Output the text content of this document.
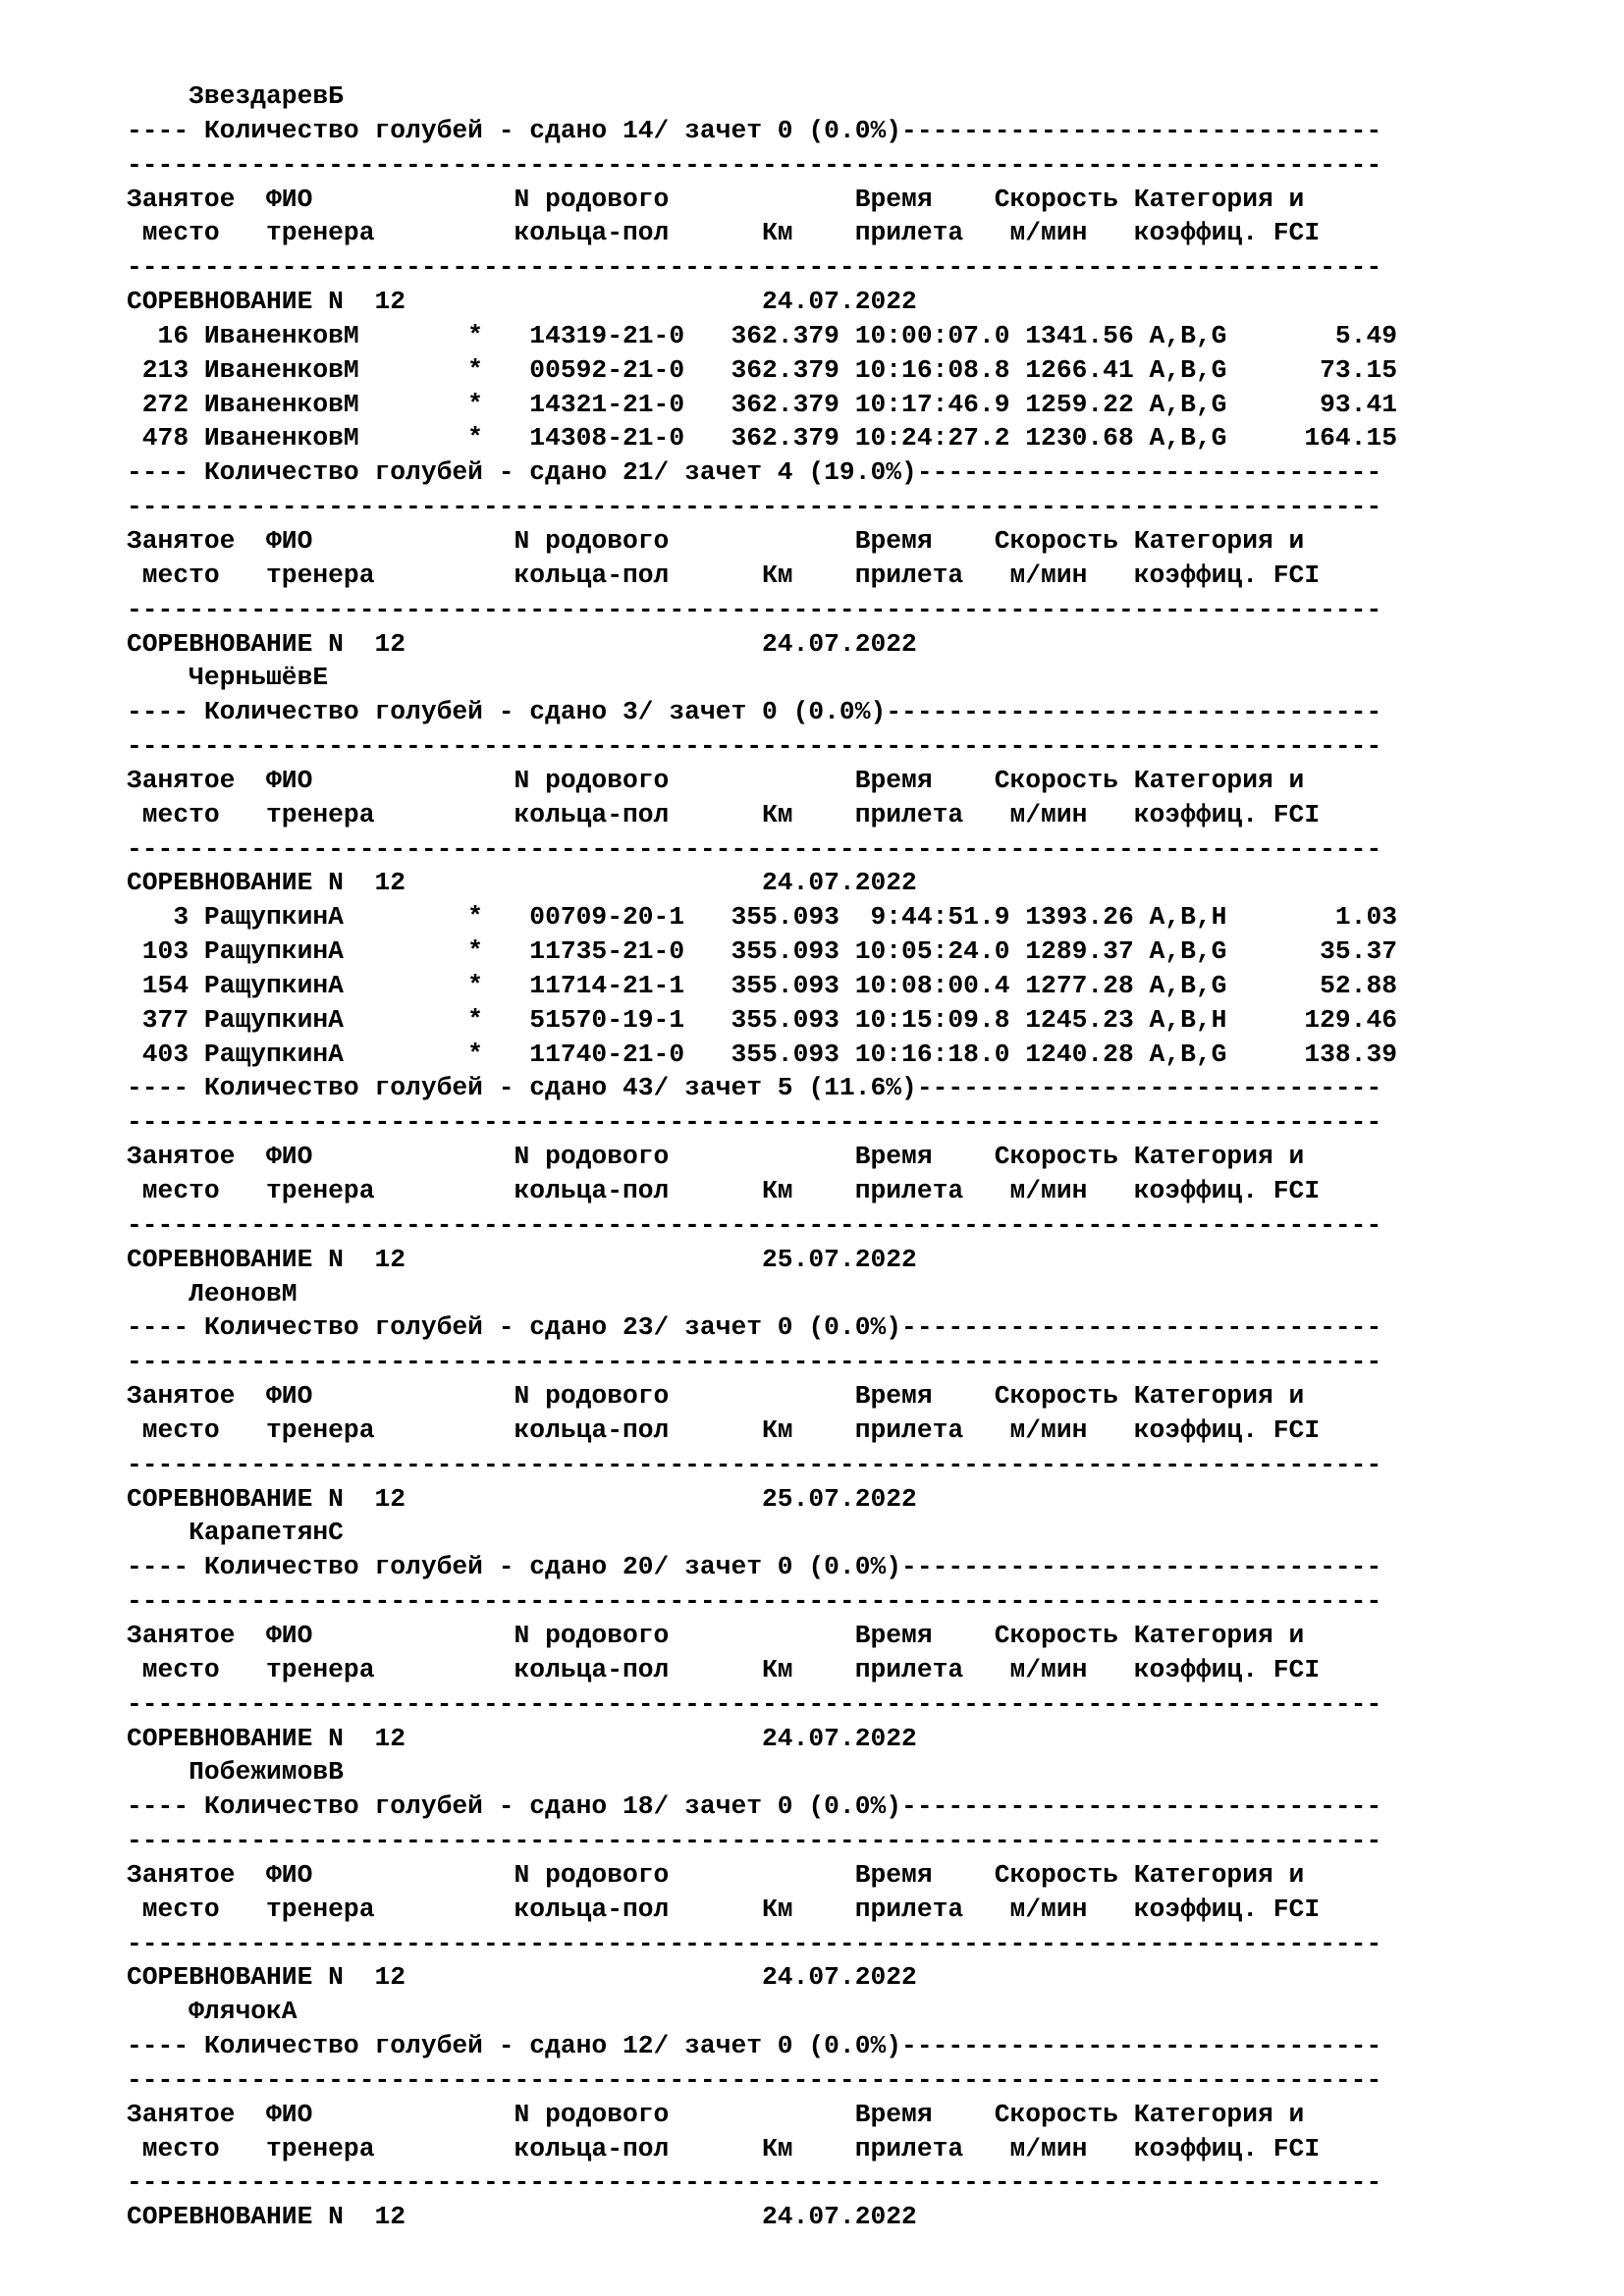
ЗвездаревБ
---- Количество голубей - сдано 14/ зачет 0 (0.0%)-------------------------------
---------------------------------------------------------------------------------
Занятое  ФИО             N родового            Время    Скорость Категория и
место   тренера         кольца-пол      Км    прилета   м/мин   коэффиц. FCI
---------------------------------------------------------------------------------
СОРЕВНОВАНИЕ N  12                       24.07.2022
16 ИваненковМ       *   14319-21-0   362.379 10:00:07.0 1341.56 A,B,G       5.49
213 ИваненковМ       *   00592-21-0   362.379 10:16:08.8 1266.41 A,B,G      73.15
272 ИваненковМ       *   14321-21-0   362.379 10:17:46.9 1259.22 A,B,G      93.41
478 ИваненковМ       *   14308-21-0   362.379 10:24:27.2 1230.68 A,B,G     164.15
---- Количество голубей - сдано 21/ зачет 4 (19.0%)------------------------------
---------------------------------------------------------------------------------
Занятое  ФИО             N родового            Время    Скорость Категория и
место   тренера         кольца-пол      Км    прилета   м/мин   коэффиц. FCI
---------------------------------------------------------------------------------
СОРЕВНОВАНИЕ N  12                       24.07.2022
ЧерньшёвЕ
---- Количество голубей - сдано 3/ зачет 0 (0.0%)--------------------------------
---------------------------------------------------------------------------------
Занятое  ФИО             N родового            Время    Скорость Категория и
место   тренера         кольца-пол      Км    прилета   м/мин   коэффиц. FCI
---------------------------------------------------------------------------------
СОРЕВНОВАНИЕ N  12                       24.07.2022
3 РащупкинА        *   00709-20-1   355.093  9:44:51.9 1393.26 A,B,H       1.03
103 РащупкинА        *   11735-21-0   355.093 10:05:24.0 1289.37 A,B,G      35.37
154 РащупкинА        *   11714-21-1   355.093 10:08:00.4 1277.28 A,B,G      52.88
377 РащупкинА        *   51570-19-1   355.093 10:15:09.8 1245.23 A,B,H     129.46
403 РащупкинА        *   11740-21-0   355.093 10:16:18.0 1240.28 A,B,G     138.39
---- Количество голубей - сдано 43/ зачет 5 (11.6%)------------------------------
---------------------------------------------------------------------------------
Занятое  ФИО             N родового            Время    Скорость Категория и
место   тренера         кольца-пол      Км    прилета   м/мин   коэффиц. FCI
---------------------------------------------------------------------------------
СОРЕВНОВАНИЕ N  12                       25.07.2022
ЛеоновМ
---- Количество голубей - сдано 23/ зачет 0 (0.0%)-------------------------------
---------------------------------------------------------------------------------
Занятое  ФИО             N родового            Время    Скорость Категория и
место   тренера         кольца-пол      Км    прилета   м/мин   коэффиц. FCI
---------------------------------------------------------------------------------
СОРЕВНОВАНИЕ N  12                       25.07.2022
КарапетянС
---- Количество голубей - сдано 20/ зачет 0 (0.0%)-------------------------------
---------------------------------------------------------------------------------
Занятое  ФИО             N родового            Время    Скорость Категория и
место   тренера         кольца-пол      Км    прилета   м/мин   коэффиц. FCI
---------------------------------------------------------------------------------
СОРЕВНОВАНИЕ N  12                       24.07.2022
ПобежимовВ
---- Количество голубей - сдано 18/ зачет 0 (0.0%)-------------------------------
---------------------------------------------------------------------------------
Занятое  ФИО             N родового            Время    Скорость Категория и
место   тренера         кольца-пол      Км    прилета   м/мин   коэффиц. FCI
---------------------------------------------------------------------------------
СОРЕВНОВАНИЕ N  12                       24.07.2022
ФлячокА
---- Количество голубей - сдано 12/ зачет 0 (0.0%)-------------------------------
---------------------------------------------------------------------------------
Занятое  ФИО             N родового            Время    Скорость Категория и
место   тренера         кольца-пол      Км    прилета   м/мин   коэффиц. FCI
---------------------------------------------------------------------------------
СОРЕВНОВАНИЕ N  12                       24.07.2022
